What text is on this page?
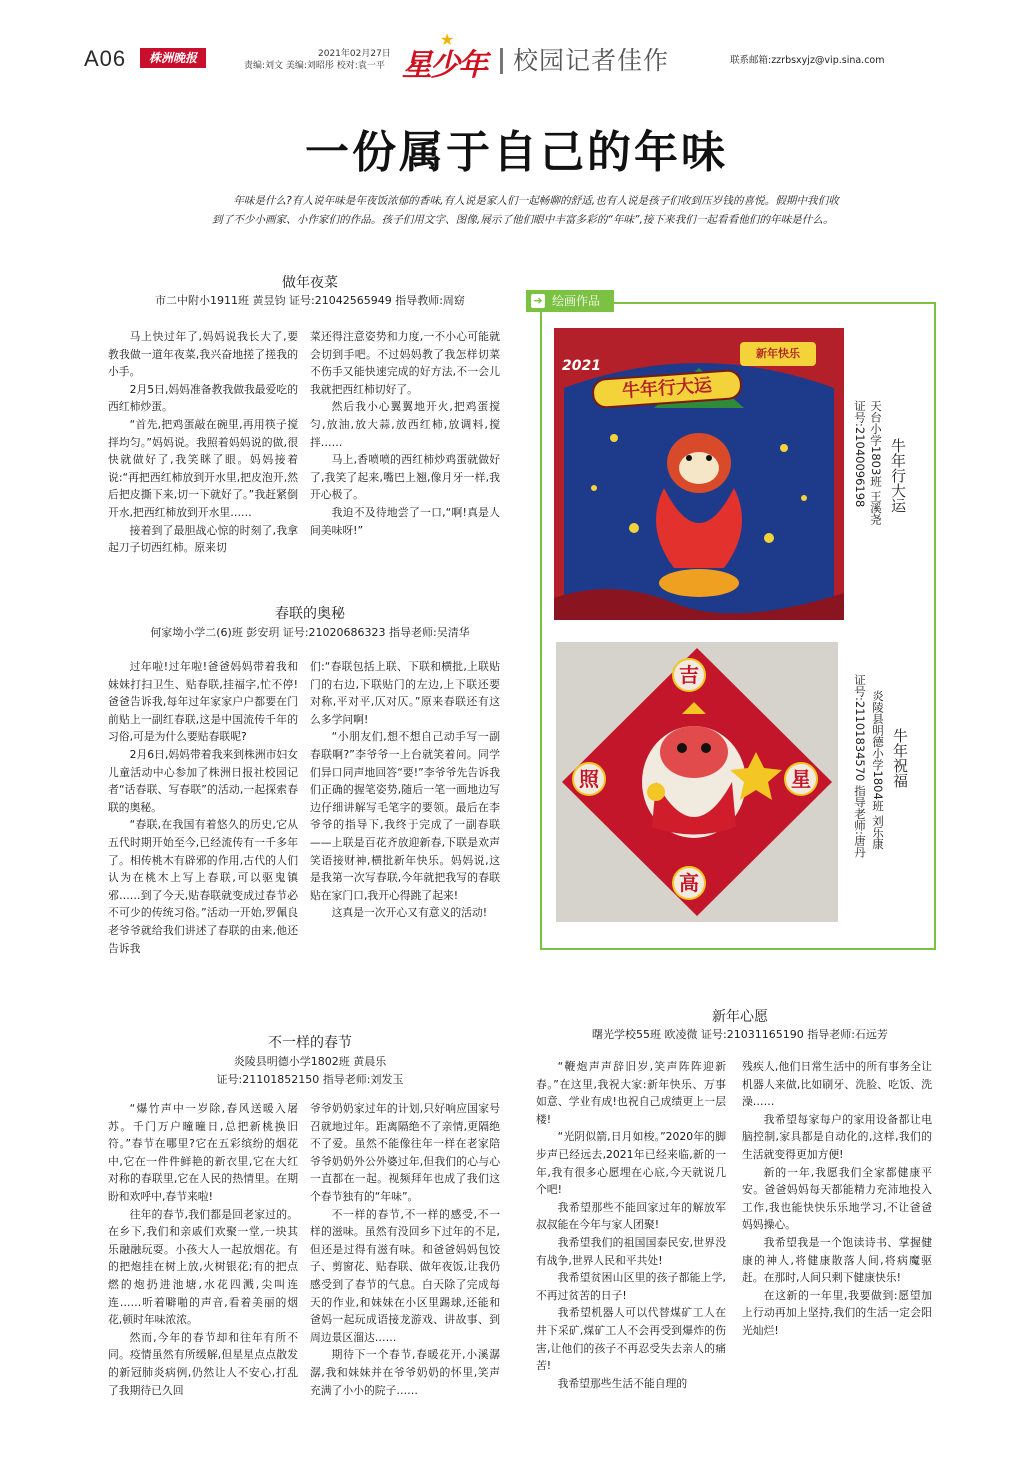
A06	株洲晚报	2021年02月27日
责编:刘文 美编:刘昭彤 校对:袁一平
★
星少年	校园记者佳作	联系邮箱:zzrbsxyjz@vip.sina.com
一份属于自己的年味
年味是什么?有人说年味是年夜饭浓郁的香味,有人说是家人们一起畅聊的舒适,也有人说是孩子们收到压岁钱的喜悦。假期中我们收到了不少小画家、小作家们的作品。孩子们用文字、图像,展示了他们眼中丰富多彩的“年味”,接下来我们一起看看他们的年味是什么。
做年夜菜
市二中附小1911班 黄昱钧 证号:21042565949 指导教师:周窈

马上快过年了,妈妈说我长大了,要教我做一道年夜菜,我兴奋地搓了搓我的小手。

2月5日,妈妈准备教我做我最爱吃的西红柿炒蛋。

“首先,把鸡蛋敲在碗里,再用筷子搅拌均匀。”妈妈说。我照着妈妈说的做,很快就做好了,我笑眯了眼。妈妈接着说:“再把西红柿放到开水里,把皮泡开,然后把皮撕下来,切一下就好了。”我赶紧倒开水,把西红柿放到开水里……

接着到了最胆战心惊的时刻了,我拿起刀子切西红柿。原来切

菜还得注意姿势和力度,一不小心可能就会切到手吧。不过妈妈教了我怎样切菜不伤手又能快速完成的好方法,不一会儿我就把西红柿切好了。

然后我小心翼翼地开火,把鸡蛋搅匀,放油,放大蒜,放西红柿,放调料,搅拌……

马上,香喷喷的西红柿炒鸡蛋就做好了,我笑了起来,嘴巴上翘,像月牙一样,我开心极了。

我迫不及待地尝了一口,“啊!真是人间美味呀!”

春联的奥秘
何家坳小学二(6)班 彭安玥 证号:21020686323 指导老师:吴清华

过年啦!过年啦!爸爸妈妈带着我和妹妹打扫卫生、贴春联,挂福字,忙不停!爸爸告诉我,每年过年家家户户都要在门前贴上一副红春联,这是中国流传千年的习俗,可是为什么要贴春联呢?

2月6日,妈妈带着我来到株洲市妇女儿童活动中心参加了株洲日报社校园记者“话春联、写春联”的活动,一起探索春联的奥秘。

“春联,在我国有着悠久的历史,它从五代时期开始至今,已经流传有一千多年了。相传桃木有辟邪的作用,古代的人们认为在桃木上写上春联,可以驱鬼镇邪……到了今天,贴春联就变成过春节必不可少的传统习俗。”活动一开始,罗佩良老爷爷就给我们讲述了春联的由来,他还告诉我

们:“春联包括上联、下联和横批,上联贴门的右边,下联贴门的左边,上下联还要对称,平对平,仄对仄。”原来春联还有这么多学问啊!

“小朋友们,想不想自己动手写一副春联啊?”李爷爷一上台就笑着问。同学们异口同声地回答“要!”李爷爷先告诉我们正确的握笔姿势,随后一笔一画地边写边仔细讲解写毛笔字的要领。最后在李爷爷的指导下,我终于完成了一副春联——上联是百花齐放迎新春,下联是欢声笑语接财神,横批新年快乐。妈妈说,这是我第一次写春联,今年就把我写的春联贴在家门口,我开心得跳了起来!

这真是一次开心又有意义的活动!

绘画作品
➜
牛年行大运
新年快乐
2021
牛年行大运
天台小学1803班 王溪尧
证号:21040096198
吉
星
高
照	牛年祝福
炎陵县明德小学1804班 刘乐康
证号:21101834570 指导老师:唐丹
不一样的春节
炎陵县明德小学1802班 黄晨乐
证号:21101852150 指导老师:刘发玉

“爆竹声中一岁除,春风送暖入屠苏。千门万户曈曈日,总把新桃换旧符。”春节在哪里?它在五彩缤纷的烟花中,它在一件件鲜艳的新衣里,它在大红对称的春联里,它在人民的热情里。在期盼和欢呼中,春节来啦!

往年的春节,我们都是回老家过的。在乡下,我们和亲戚们欢聚一堂,一块其乐融融玩耍。小孩大人一起放烟花。有的把炮挂在树上放,火树银花;有的把点燃的炮扔进池塘,水花四溅,尖叫连连……听着噼啪的声音,看着美丽的烟花,顿时年味浓浓。

然而,今年的春节却和往年有所不同。疫情虽然有所缓解,但星星点点散发的新冠肺炎病例,仍然让人不安心,打乱了我期待已久回

爷爷奶奶家过年的计划,只好响应国家号召就地过年。距离隔绝不了亲情,更隔绝不了爱。虽然不能像往年一样在老家陪爷爷奶奶外公外婆过年,但我们的心与心一直都在一起。视频拜年也成了我们这个春节独有的“年味”。

不一样的春节,不一样的感受,不一样的滋味。虽然有没回乡下过年的不足,但还是过得有滋有味。和爸爸妈妈包饺子、剪窗花、贴春联、做年夜饭,让我仍感受到了春节的气息。白天除了完成每天的作业,和妹妹在小区里踢球,还能和爸妈一起玩成语接龙游戏、讲故事、到周边景区溜达……

期待下一个春节,春暖花开,小溪潺潺,我和妹妹并在爷爷奶奶的怀里,笑声充满了小小的院子……

新年心愿
曙光学校55班 欧凌微 证号:21031165190 指导老师:石远芳

“鞭炮声声辞旧岁,笑声阵阵迎新春。”在这里,我祝大家:新年快乐、万事如意、学业有成!也祝自己成绩更上一层楼!

“光阴似箭,日月如梭。”2020年的脚步声已经远去,2021年已经来临,新的一年,我有很多心愿埋在心底,今天就说几个吧!

我希望那些不能回家过年的解放军叔叔能在今年与家人团聚!

我希望我们的祖国国泰民安,世界没有战争,世界人民和平共处!

我希望贫困山区里的孩子都能上学,不再过贫苦的日子!

我希望机器人可以代替煤矿工人在井下采矿,煤矿工人不会再受到爆炸的伤害,让他们的孩子不再忍受失去亲人的痛苦!

我希望那些生活不能自理的

残疾人,他们日常生活中的所有事务全让机器人来做,比如刷牙、洗脸、吃饭、洗澡……

我希望每家每户的家用设备都让电脑控制,家具都是自动化的,这样,我们的生活就变得更加方便!

新的一年,我愿我们全家都健康平安。爸爸妈妈每天都能精力充沛地投入工作,我也能快快乐乐地学习,不让爸爸妈妈操心。

我希望我是一个饱读诗书、掌握健康的神人,将健康散落人间,将病魔驱赶。在那时,人间只剩下健康快乐!

在这新的一年里,我要做到:愿望加上行动再加上坚持,我们的生活一定会阳光灿烂!
